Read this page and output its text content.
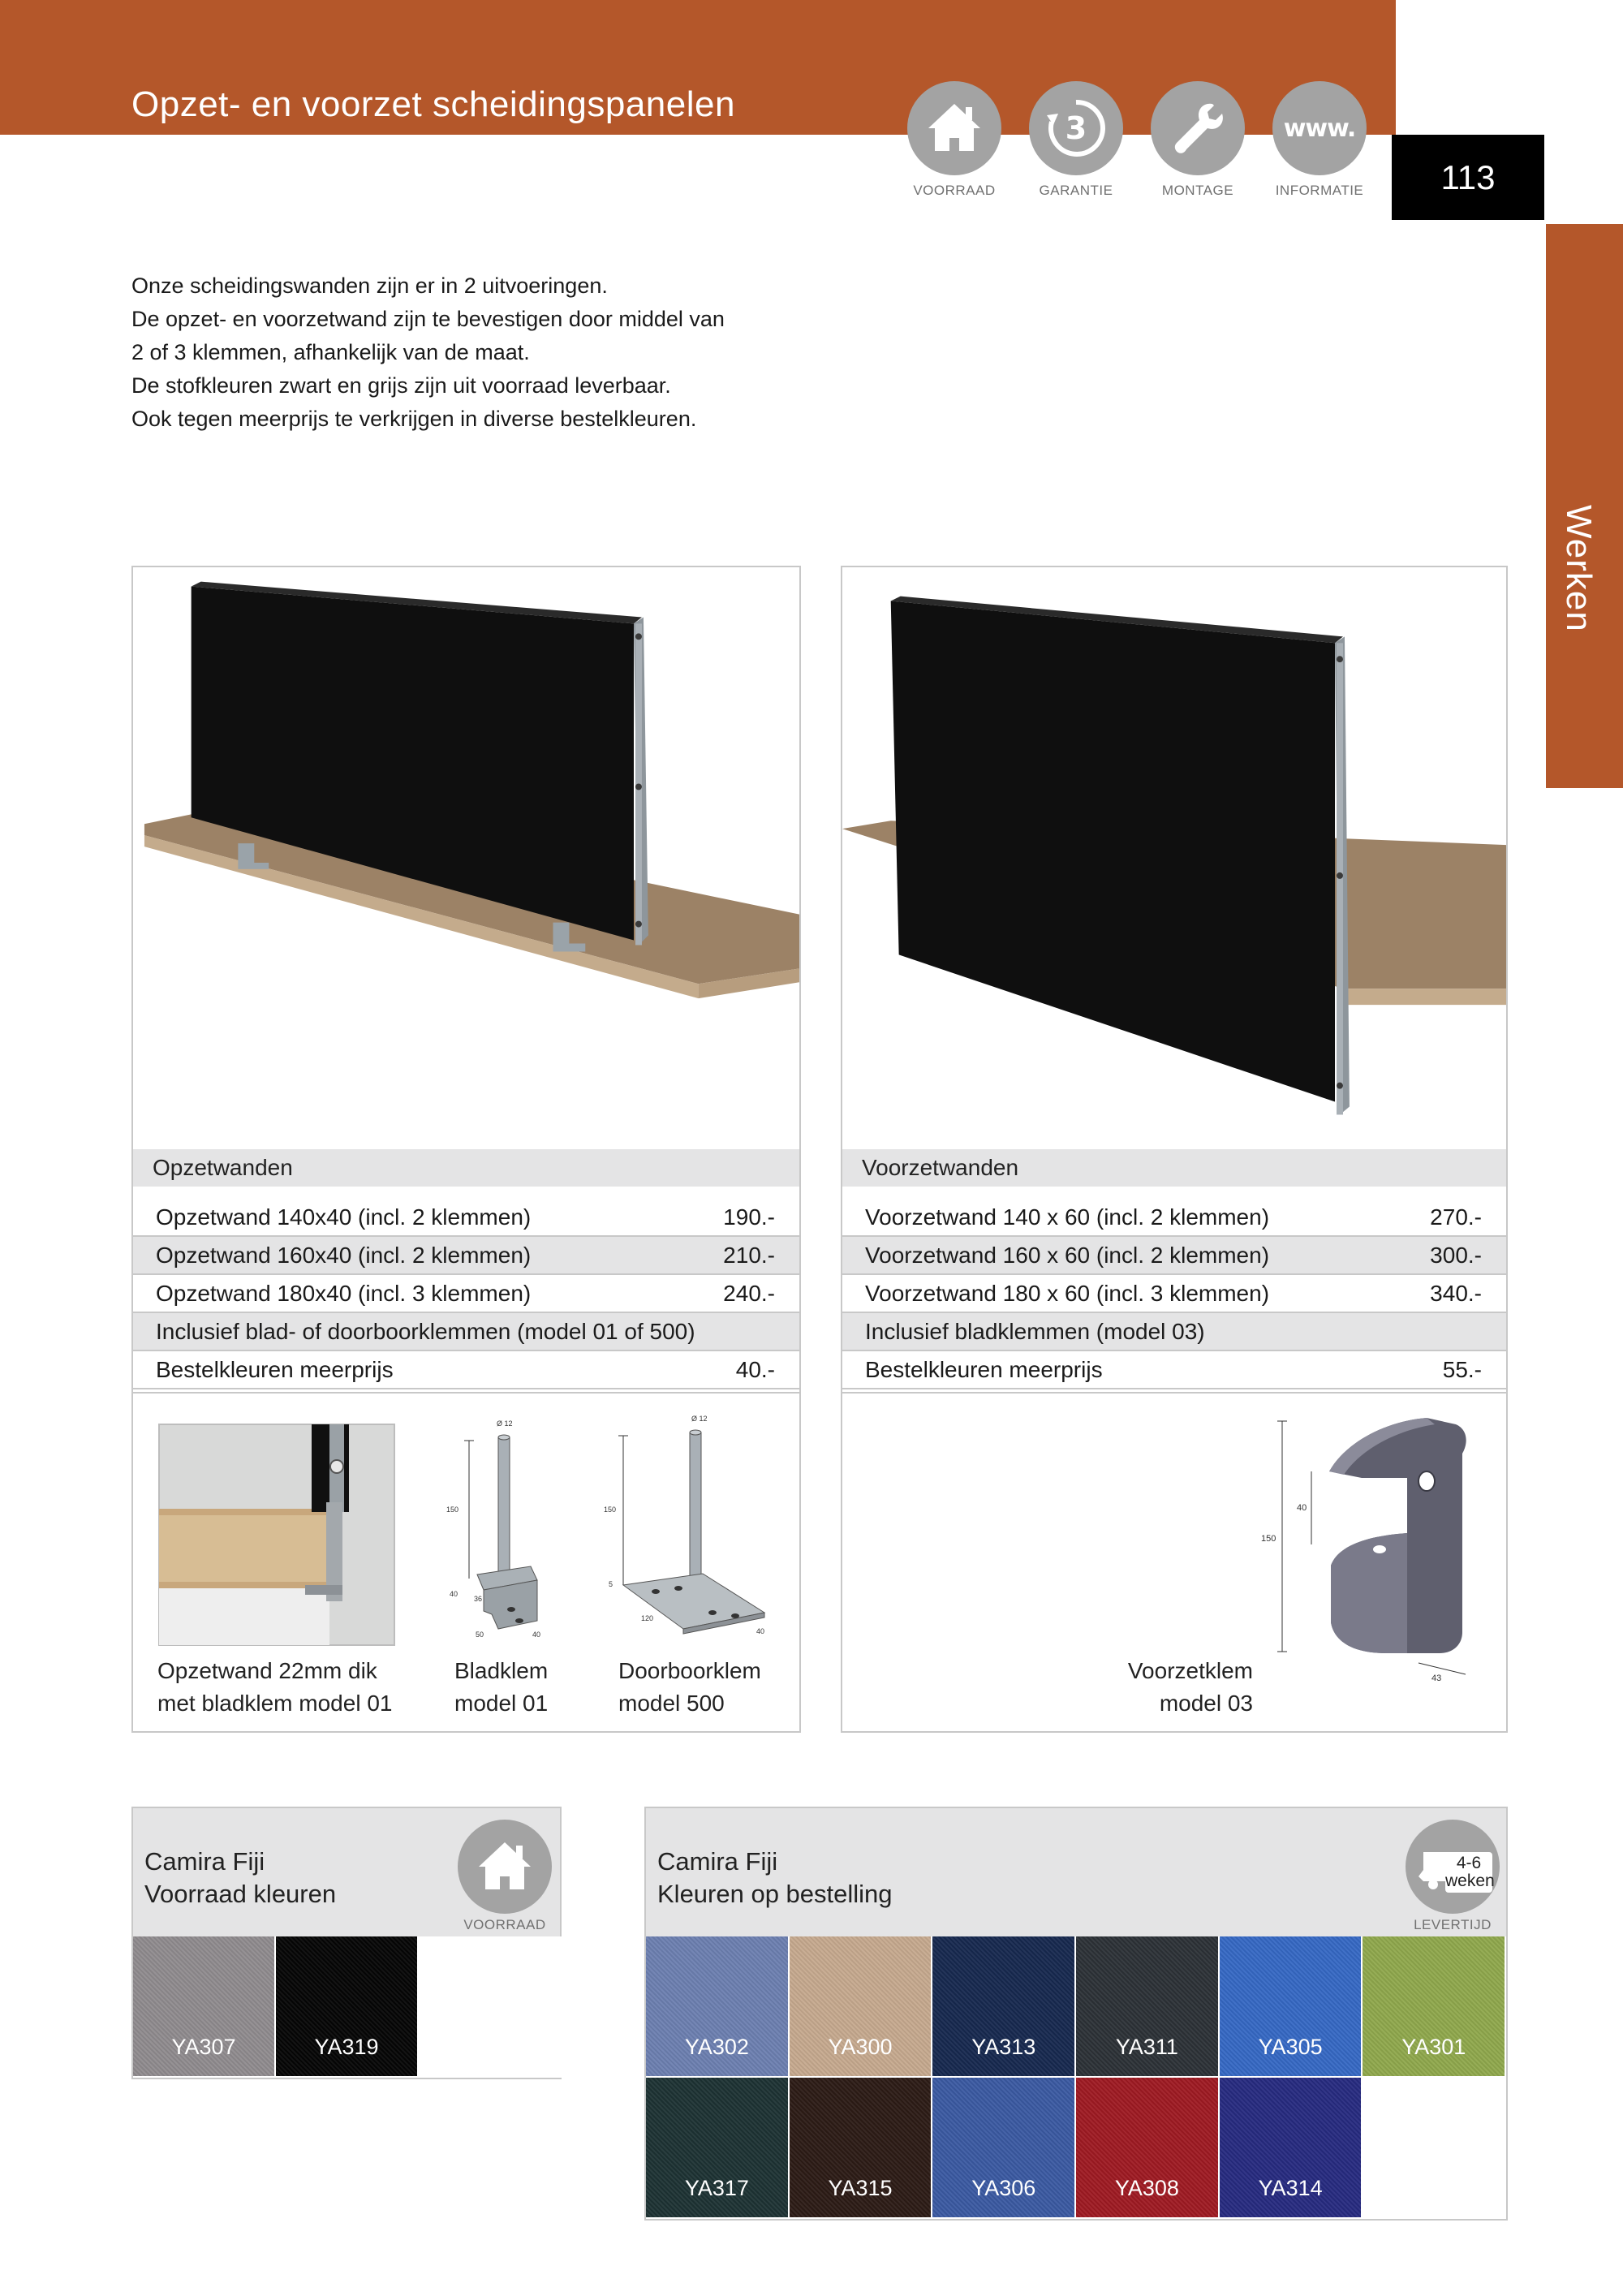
Opzet- en voorzet scheidingspanelen
VOORRAAD
3
GARANTIE	MONTAGE
www.
INFORMATIE	113
Werken
Onze scheidingswanden zijn er in 2 uitvoeringen.
De opzet- en voorzetwand zijn te bevestigen door middel van
2 of 3 klemmen, afhankelijk van de maat.
De stofkleuren zwart en grijs zijn uit voorraad leverbaar.
Ook tegen meerprijs te verkrijgen in diverse bestelkleuren.
Opzetwanden
Opzetwand 140x40 (incl. 2 klemmen)	190.-
Opzetwand 160x40 (incl. 2 klemmen)	210.-
Opzetwand 180x40 (incl. 3 klemmen)	240.-
Inclusief blad- of doorboorklemmen (model 01 of 500)
Bestelkleuren meerprijs	40.-
150
Ø 12
40
36
50	40
150
Ø 12
5
120
40
Opzetwand 22mm dik
met bladklem model 01
Bladklem
model 01
Doorboorklem
model 500
Voorzetwanden
Voorzetwand 140 x 60 (incl. 2 klemmen)	270.-
Voorzetwand 160 x 60 (incl. 2 klemmen)	300.-
Voorzetwand 180 x 60 (incl. 3 klemmen)	340.-
Inclusief bladklemmen (model 03)
Bestelkleuren meerprijs	55.-
150
40
43
Voorzetklem
model 03
Camira Fiji
Voorraad kleuren
VOORRAAD
YA307	YA319
Camira Fiji
Kleuren op bestelling
4-6
weken
LEVERTIJD
YA302	YA300	YA313	YA311	YA305	YA301
YA317	YA315	YA306	YA308	YA314
